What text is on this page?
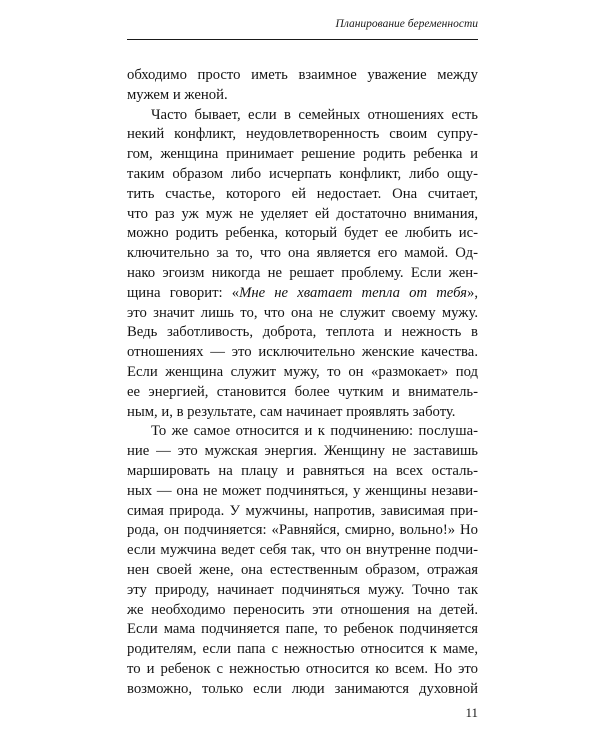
Планирование беременности
обходимо просто иметь взаимное уважение между
мужем и женой.
Часто бывает, если в семейных отношениях есть
некий конфликт, неудовлетворенность своим супру-
гом, женщина принимает решение родить ребенка и
таким образом либо исчерпать конфликт, либо ощу-
тить счастье, которого ей недостает. Она считает,
что раз уж муж не уделяет ей достаточно внимания,
можно родить ребенка, который будет ее любить ис-
ключительно за то, что она является его мамой. Од-
нако эгоизм никогда не решает проблему. Если жен-
щина говорит: «Мне не хватает тепла от тебя»,
это значит лишь то, что она не служит своему мужу.
Ведь заботливость, доброта, теплота и нежность в
отношениях — это исключительно женские качества.
Если женщина служит мужу, то он «размокает» под
ее энергией, становится более чутким и вниматель-
ным, и, в результате, сам начинает проявлять заботу.
То же самое относится и к подчинению: послуша-
ние — это мужская энергия. Женщину не заставишь
маршировать на плацу и равняться на всех осталь-
ных — она не может подчиняться, у женщины незави-
симая природа. У мужчины, напротив, зависимая при-
рода, он подчиняется: «Равняйся, смирно, вольно!» Но
если мужчина ведет себя так, что он внутренне подчи-
нен своей жене, она естественным образом, отражая
эту природу, начинает подчиняться мужу. Точно так
же необходимо переносить эти отношения на детей.
Если мама подчиняется папе, то ребенок подчиняется
родителям, если папа с нежностью относится к маме,
то и ребенок с нежностью относится ко всем. Но это
возможно, только если люди занимаются духовной
11
